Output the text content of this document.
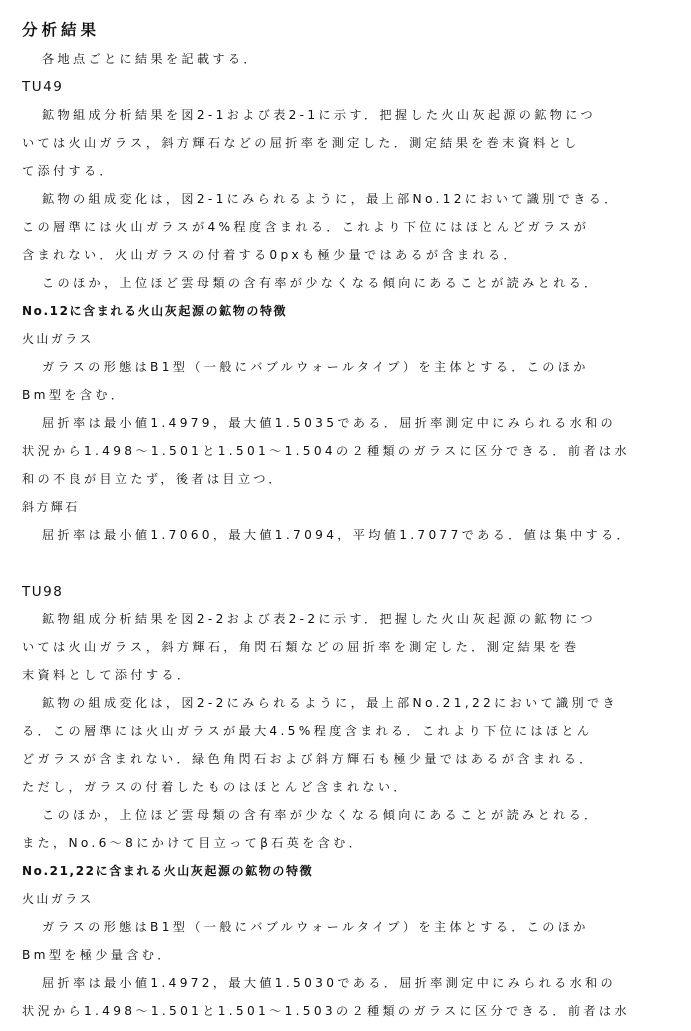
分析結果
各地点ごとに結果を記載する．
TU49
鉱物組成分析結果を図2-1および表2-1に示す．把握した火山灰起源の鉱物につ
いては火山ガラス，斜方輝石などの屈折率を測定した．測定結果を巻末資料とし
て添付する．
鉱物の組成変化は，図2-1にみられるように，最上部No.12において識別できる．
この層準には火山ガラスが4%程度含まれる．これより下位にはほとんどガラスが
含まれない．火山ガラスの付着する0pxも極少量ではあるが含まれる．
このほか，上位ほど雲母類の含有率が少なくなる傾向にあることが読みとれる．
No.12に含まれる火山灰起源の鉱物の特徴
火山ガラス
ガラスの形態はB1型（一般にバブルウォールタイプ）を主体とする．このほか
Bm型を含む．
屈折率は最小値1.4979，最大値1.5035である．屈折率測定中にみられる水和の
状況から1.498～1.501と1.501～1.504の２種類のガラスに区分できる．前者は水
和の不良が目立たず，後者は目立つ．
斜方輝石
屈折率は最小値1.7060，最大値1.7094，平均値1.7077である．値は集中する．
TU98
鉱物組成分析結果を図2-2および表2-2に示す．把握した火山灰起源の鉱物につ
いては火山ガラス，斜方輝石，角閃石類などの屈折率を測定した．測定結果を巻
末資料として添付する．
鉱物の組成変化は，図2-2にみられるように，最上部No.21,22において識別でき
る．この層準には火山ガラスが最大4.5%程度含まれる．これより下位にはほとん
どガラスが含まれない．緑色角閃石および斜方輝石も極少量ではあるが含まれる．
ただし，ガラスの付着したものはほとんど含まれない．
このほか，上位ほど雲母類の含有率が少なくなる傾向にあることが読みとれる．
また，No.6～8にかけて目立ってβ石英を含む．
No.21,22に含まれる火山灰起源の鉱物の特徴
火山ガラス
ガラスの形態はB1型（一般にバブルウォールタイプ）を主体とする．このほか
Bm型を極少量含む．
屈折率は最小値1.4972，最大値1.5030である．屈折率測定中にみられる水和の
状況から1.498～1.501と1.501～1.503の２種類のガラスに区分できる．前者は水
